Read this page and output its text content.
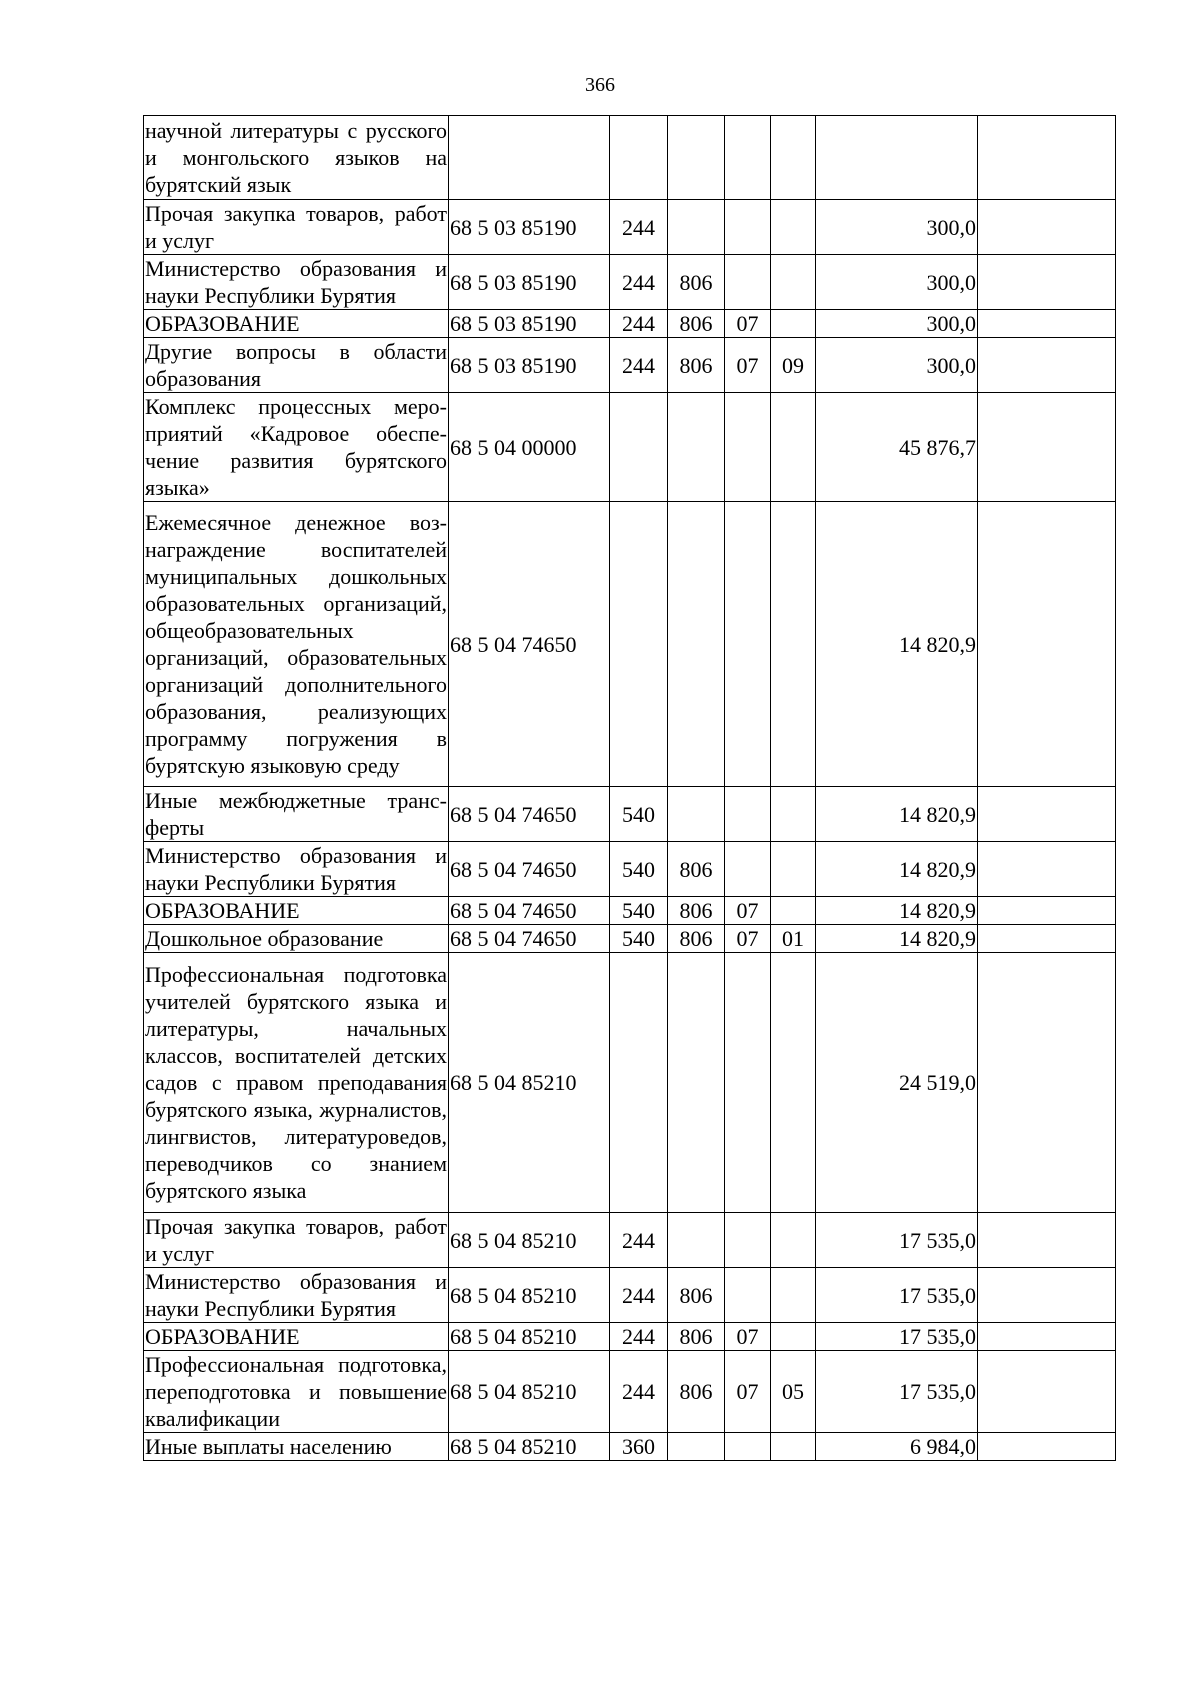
366
научной литературы с русского и монгольского языков на бурятский язык							
Прочая закупка товаров, работ и услуг	68 5 03 85190	244				300,0	
Министерство образования и науки Республики Бурятия	68 5 03 85190	244	806			300,0	
ОБРАЗОВАНИЕ	68 5 03 85190	244	806	07		300,0	
Другие вопросы в области образования	68 5 03 85190	244	806	07	09	300,0	
Комплекс процессных мероприятий «Кадровое обеспечение развития бурятского языка»	68 5 04 00000					45 876,7	
Ежемесячное денежное вознаграждение воспитателей муниципальных дошкольных образовательных организаций, общеобразовательных организаций, образовательных организаций дополнительного образования, реализующих программу погружения в бурятскую языковую среду	68 5 04 74650					14 820,9	
Иные межбюджетные трансферты	68 5 04 74650	540				14 820,9	
Министерство образования и науки Республики Бурятия	68 5 04 74650	540	806			14 820,9	
ОБРАЗОВАНИЕ	68 5 04 74650	540	806	07		14 820,9	
Дошкольное образование	68 5 04 74650	540	806	07	01	14 820,9	
Профессиональная подготовка учителей бурятского языка и литературы, начальных классов, воспитателей детских садов с правом преподавания бурятского языка, журналистов, лингвистов, литературоведов, переводчиков со знанием бурятского языка	68 5 04 85210					24 519,0	
Прочая закупка товаров, работ и услуг	68 5 04 85210	244				17 535,0	
Министерство образования и науки Республики Бурятия	68 5 04 85210	244	806			17 535,0	
ОБРАЗОВАНИЕ	68 5 04 85210	244	806	07		17 535,0	
Профессиональная подготовка, переподготовка и повышение квалификации	68 5 04 85210	244	806	07	05	17 535,0	
Иные выплаты населению	68 5 04 85210	360				6 984,0	
